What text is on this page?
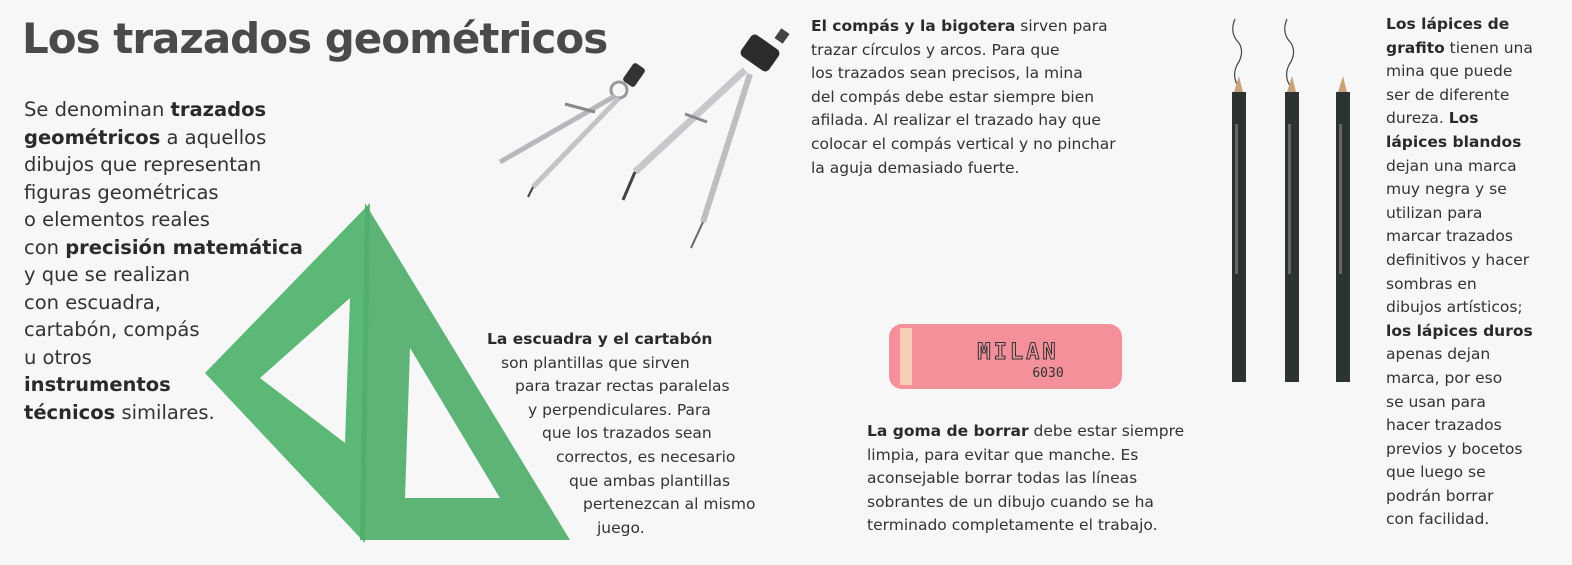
Los trazados geométricos
Se denominan trazados
geométricos a aquellos
dibujos que representan
figuras geométricas
o elementos reales
con precisión matemática
y que se realizan
con escuadra,
cartabón, compás
u otros
instrumentos
técnicos similares.
El compás y la bigotera sirven para
trazar círculos y arcos. Para que
los trazados sean precisos, la mina
del compás debe estar siempre bien
afilada. Al realizar el trazado hay que
colocar el compás vertical y no pinchar
la aguja demasiado fuerte.
Los lápices de
grafito tienen una
mina que puede
ser de diferente
dureza. Los
lápices blandos
dejan una marca
muy negra y se
utilizan para
marcar trazados
definitivos y hacer
sombras en
dibujos artísticos;
los lápices duros
apenas dejan
marca, por eso
se usan para
hacer trazados
previos y bocetos
que luego se
podrán borrar
con facilidad.
La escuadra y el cartabón
son plantillas que sirven
para trazar rectas paralelas
y perpendiculares. Para
que los trazados sean
correctos, es necesario
que ambas plantillas
pertenezcan al mismo
juego.
MILAN
6030
La goma de borrar debe estar siempre
limpia, para evitar que manche. Es
aconsejable borrar todas las líneas
sobrantes de un dibujo cuando se ha
terminado completamente el trabajo.
